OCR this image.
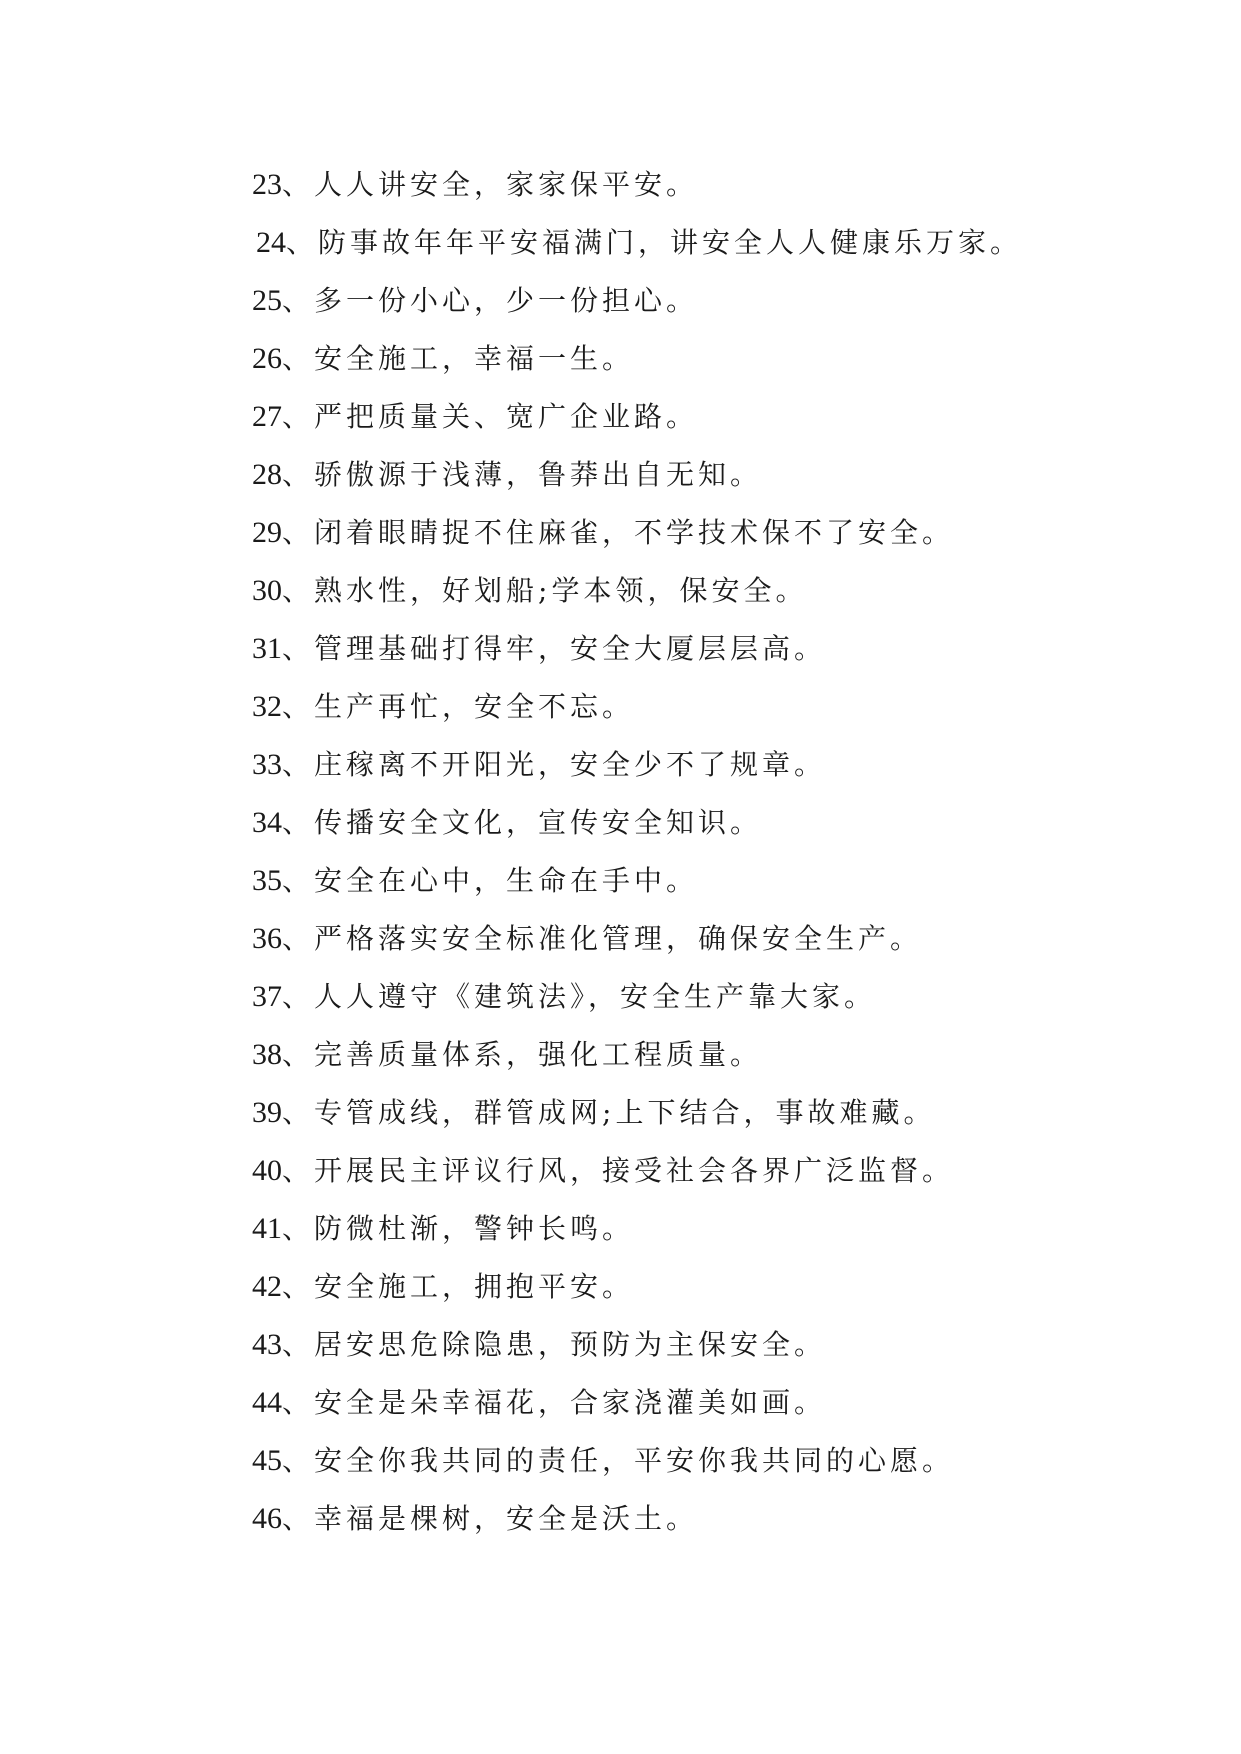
23、人人讲安全，家家保平安。
24、防事故年年平安福满门，讲安全人人健康乐万家。
25、多一份小心，少一份担心。
26、安全施工，幸福一生。
27、严把质量关、宽广企业路。
28、骄傲源于浅薄，鲁莽出自无知。
29、闭着眼睛捉不住麻雀，不学技术保不了安全。
30、熟水性，好划船;学本领，保安全。
31、管理基础打得牢，安全大厦层层高。
32、生产再忙，安全不忘。
33、庄稼离不开阳光，安全少不了规章。
34、传播安全文化，宣传安全知识。
35、安全在心中，生命在手中。
36、严格落实安全标准化管理，确保安全生产。
37、人人遵守《建筑法》，安全生产靠大家。
38、完善质量体系，强化工程质量。
39、专管成线，群管成网;上下结合，事故难藏。
40、开展民主评议行风，接受社会各界广泛监督。
41、防微杜渐，警钟长鸣。
42、安全施工，拥抱平安。
43、居安思危除隐患，预防为主保安全。
44、安全是朵幸福花，合家浇灌美如画。
45、安全你我共同的责任，平安你我共同的心愿。
46、幸福是棵树，安全是沃土。
